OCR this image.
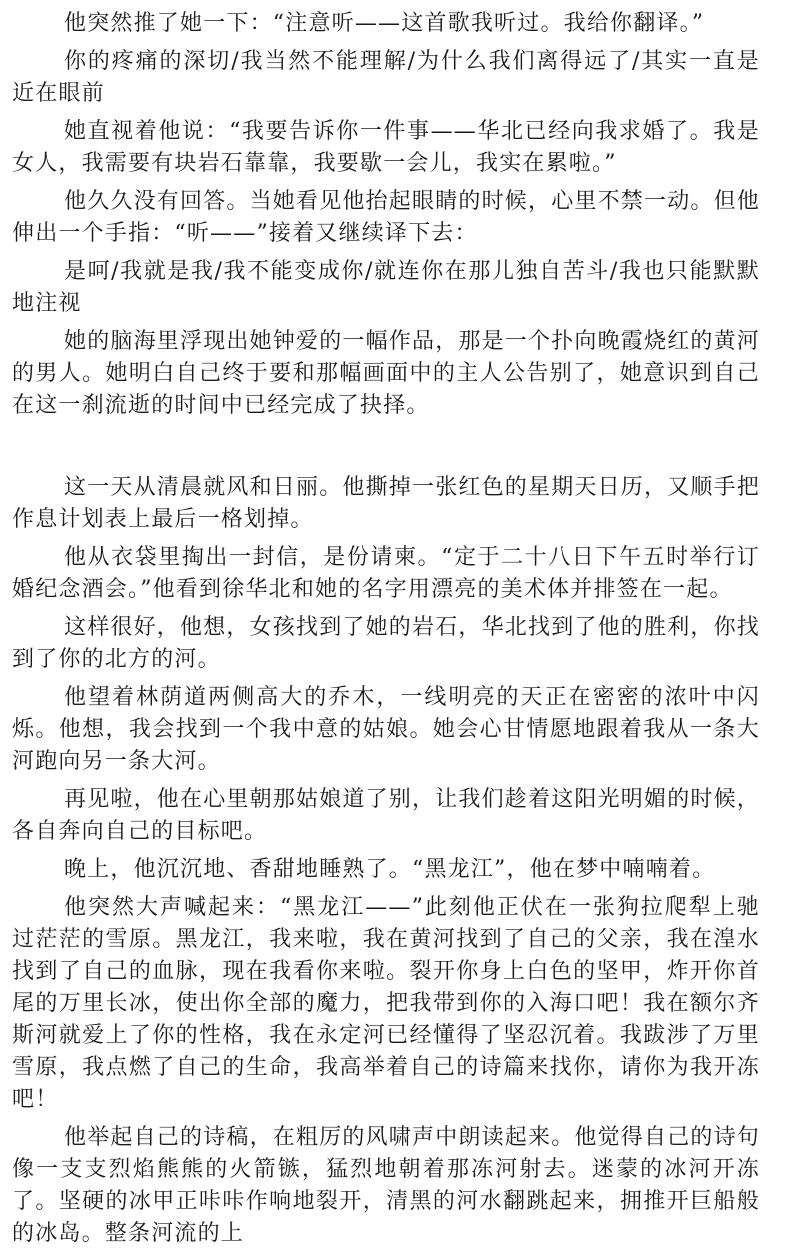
他突然推了她一下：“注意听——这首歌我听过。我给你翻译。”

你的疼痛的深切/我当然不能理解/为什么我们离得远了/其实一直是近在眼前

她直视着他说：“我要告诉你一件事——华北已经向我求婚了。我是女人，我需要有块岩石靠靠，我要歇一会儿，我实在累啦。”

他久久没有回答。当她看见他抬起眼睛的时候，心里不禁一动。但他伸出一个手指：“听——”接着又继续译下去：

是呵/我就是我/我不能变成你/就连你在那儿独自苦斗/我也只能默默地注视

她的脑海里浮现出她钟爱的一幅作品，那是一个扑向晚霞烧红的黄河的男人。她明白自己终于要和那幅画面中的主人公告别了，她意识到自己在这一刹流逝的时间中已经完成了抉择。

这一天从清晨就风和日丽。他撕掉一张红色的星期天日历，又顺手把作息计划表上最后一格划掉。

他从衣袋里掏出一封信，是份请柬。“定于二十八日下午五时举行订婚纪念酒会。”他看到徐华北和她的名字用漂亮的美术体并排签在一起。

这样很好，他想，女孩找到了她的岩石，华北找到了他的胜利，你找到了你的北方的河。

他望着林荫道两侧高大的乔木，一线明亮的天正在密密的浓叶中闪烁。他想，我会找到一个我中意的姑娘。她会心甘情愿地跟着我从一条大河跑向另一条大河。

再见啦，他在心里朝那姑娘道了别，让我们趁着这阳光明媚的时候，各自奔向自己的目标吧。

晚上，他沉沉地、香甜地睡熟了。“黑龙江”，他在梦中喃喃着。

他突然大声喊起来：“黑龙江——”此刻他正伏在一张狗拉爬犁上驰过茫茫的雪原。黑龙江，我来啦，我在黄河找到了自己的父亲，我在湟水找到了自己的血脉，现在我看你来啦。裂开你身上白色的坚甲，炸开你首尾的万里长冰，使出你全部的魔力，把我带到你的入海口吧！我在额尔齐斯河就爱上了你的性格，我在永定河已经懂得了坚忍沉着。我跋涉了万里雪原，我点燃了自己的生命，我高举着自己的诗篇来找你，请你为我开冻吧！

他举起自己的诗稿，在粗厉的风啸声中朗读起来。他觉得自己的诗句像一支支烈焰熊熊的火箭镞，猛烈地朝着那冻河射去。迷蒙的冰河开冻了。坚硬的冰甲正咔咔作响地裂开，清黑的河水翻跳起来，拥推开巨船般的冰岛。整条河流的上
